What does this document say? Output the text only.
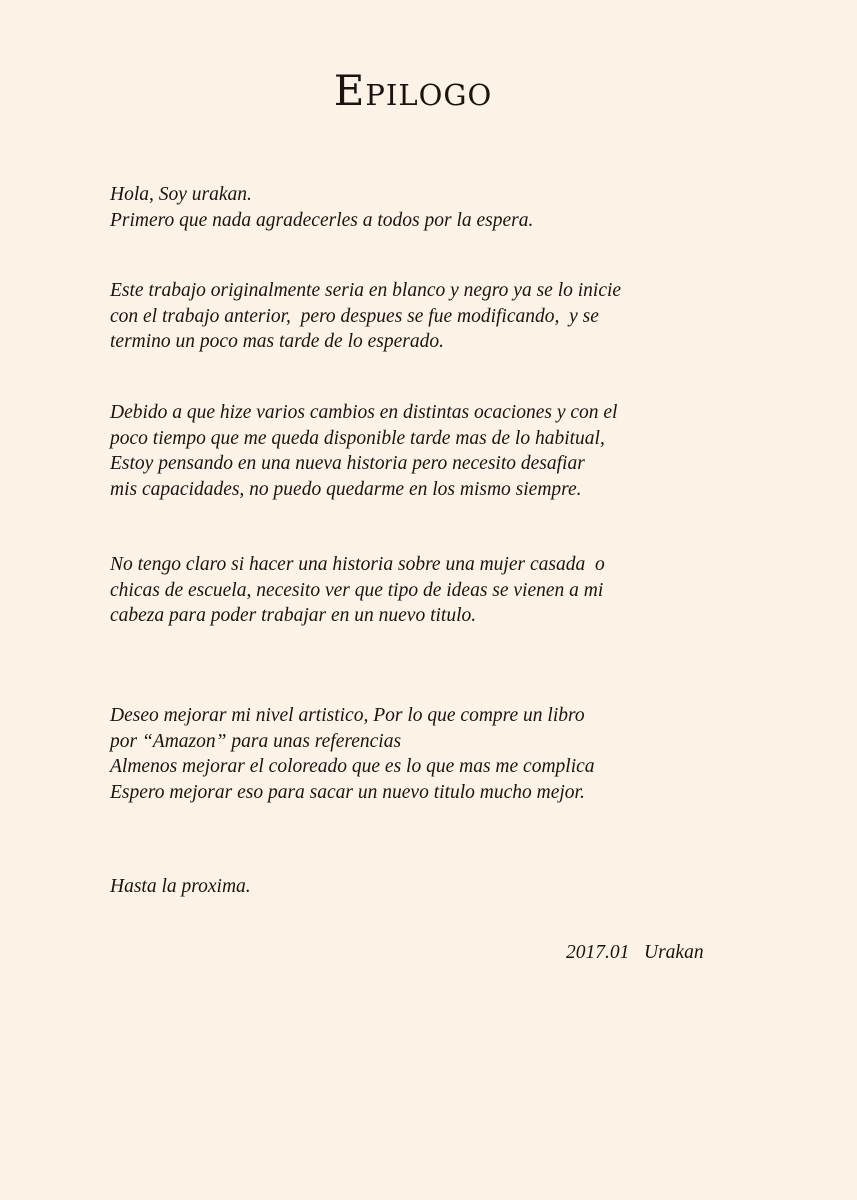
Epilogo

Hola, Soy urakan.
Primero que nada agradecerles a todos por la espera.

Este trabajo originalmente seria en blanco y negro ya se lo inicie
con el trabajo anterior,  pero despues se fue modificando,  y se
termino un poco mas tarde de lo esperado.

Debido a que hize varios cambios en distintas ocaciones y con el
poco tiempo que me queda disponible tarde mas de lo habitual,
Estoy pensando en una nueva historia pero necesito desafiar
mis capacidades, no puedo quedarme en los mismo siempre.

No tengo claro si hacer una historia sobre una mujer casada  o
chicas de escuela, necesito ver que tipo de ideas se vienen a mi
cabeza para poder trabajar en un nuevo titulo.

Deseo mejorar mi nivel artistico, Por lo que compre un libro
por “Amazon” para unas referencias
Almenos mejorar el coloreado que es lo que mas me complica
Espero mejorar eso para sacar un nuevo titulo mucho mejor.

Hasta la proxima.

2017.01   Urakan
